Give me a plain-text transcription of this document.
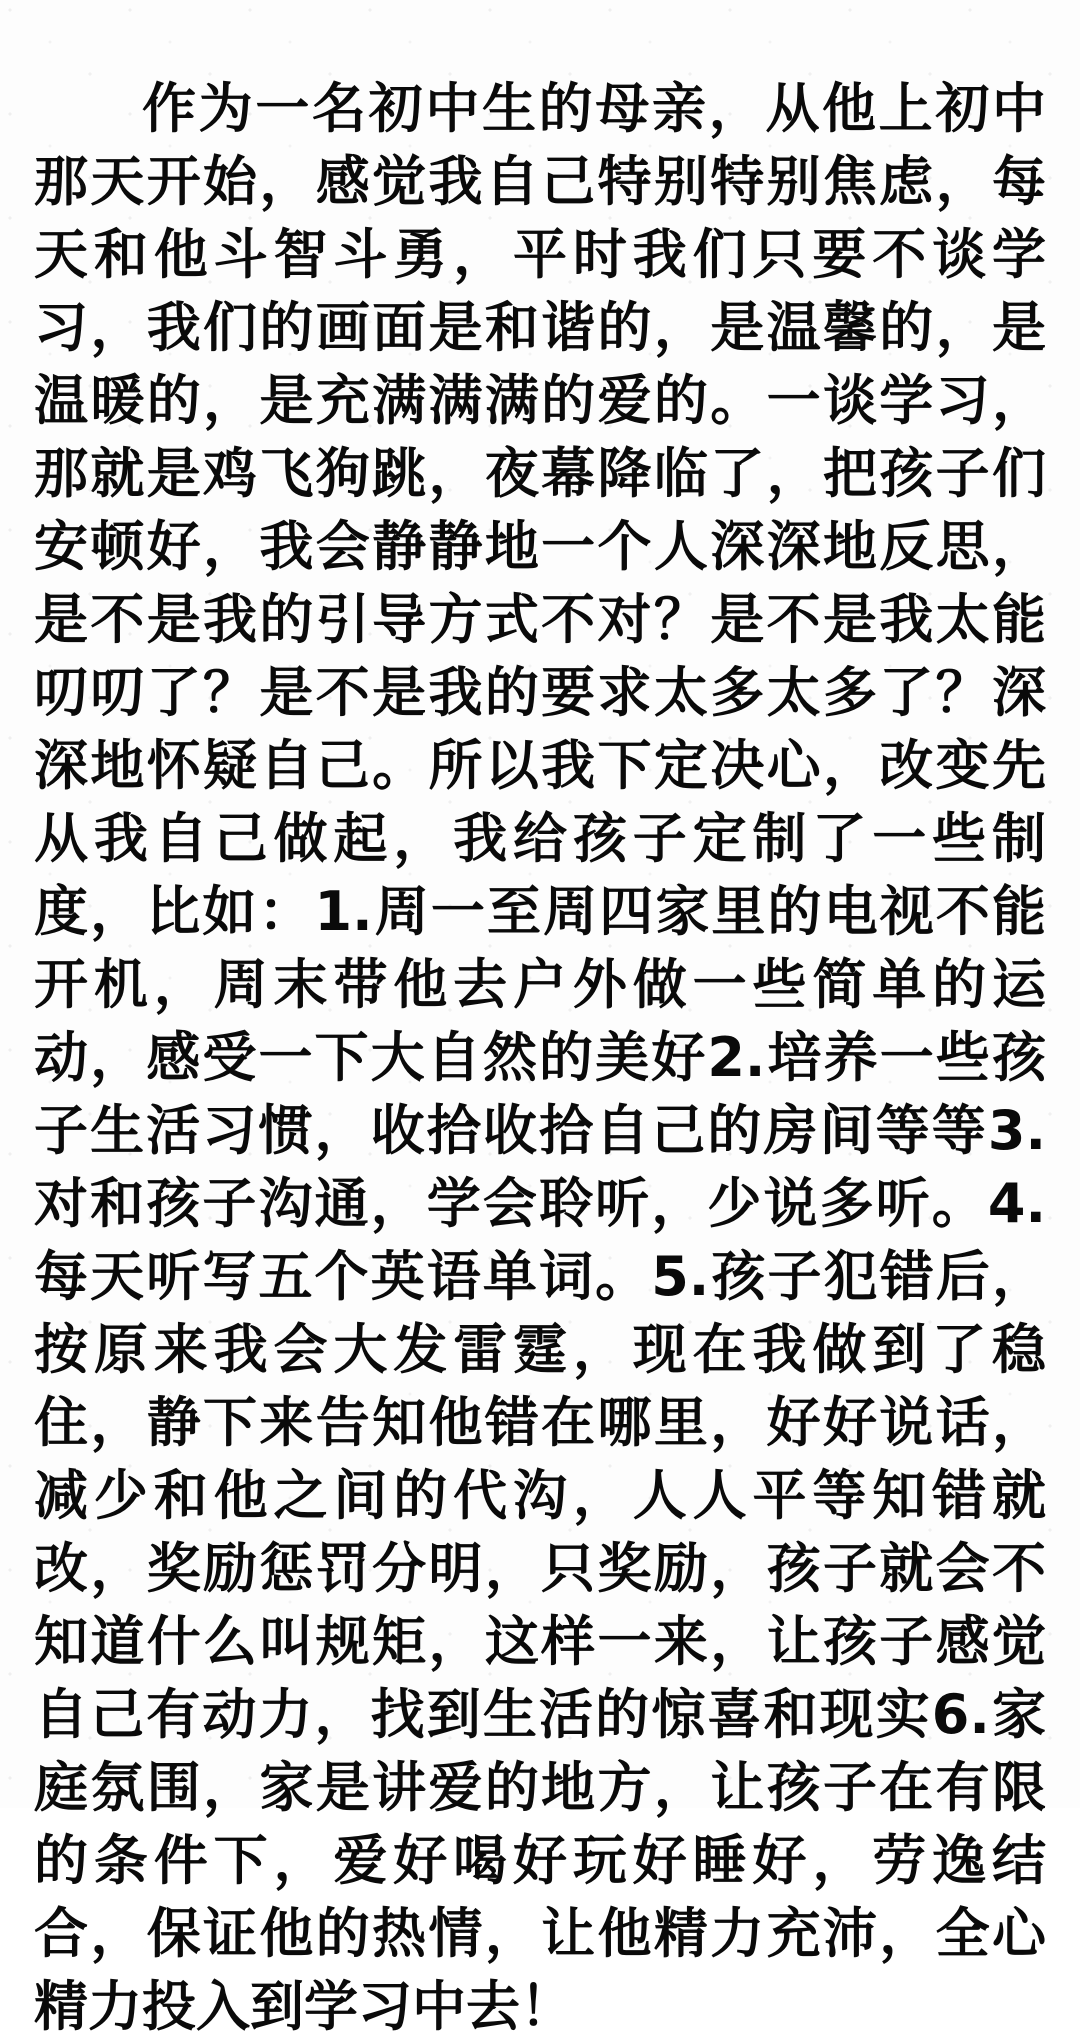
作为一名初中生的母亲，从他上初中那天开始，感觉我自己特别特别焦虑，每天和他斗智斗勇，平时我们只要不谈学习，我们的画面是和谐的，是温馨的，是温暖的，是充满满满的爱的。一谈学习，那就是鸡飞狗跳，夜幕降临了，把孩子们安顿好，我会静静地一个人深深地反思，是不是我的引导方式不对？是不是我太能叨叨了？是不是我的要求太多太多了？深深地怀疑自己。所以我下定决心，改变先从我自己做起，我给孩子定制了一些制度，比如：1.周一至周四家里的电视不能开机，周末带他去户外做一些简单的运动，感受一下大自然的美好2.培养一些孩子生活习惯，收拾收拾自己的房间等等3.对和孩子沟通，学会聆听，少说多听。4.每天听写五个英语单词。5.孩子犯错后，按原来我会大发雷霆，现在我做到了稳住，静下来告知他错在哪里，好好说话，减少和他之间的代沟，人人平等知错就改，奖励惩罚分明，只奖励，孩子就会不知道什么叫规矩，这样一来，让孩子感觉自己有动力，找到生活的惊喜和现实6.家庭氛围，家是讲爱的地方，让孩子在有限的条件下，爱好喝好玩好睡好，劳逸结合，保证他的热情，让他精力充沛，全心精力投入到学习中去！
